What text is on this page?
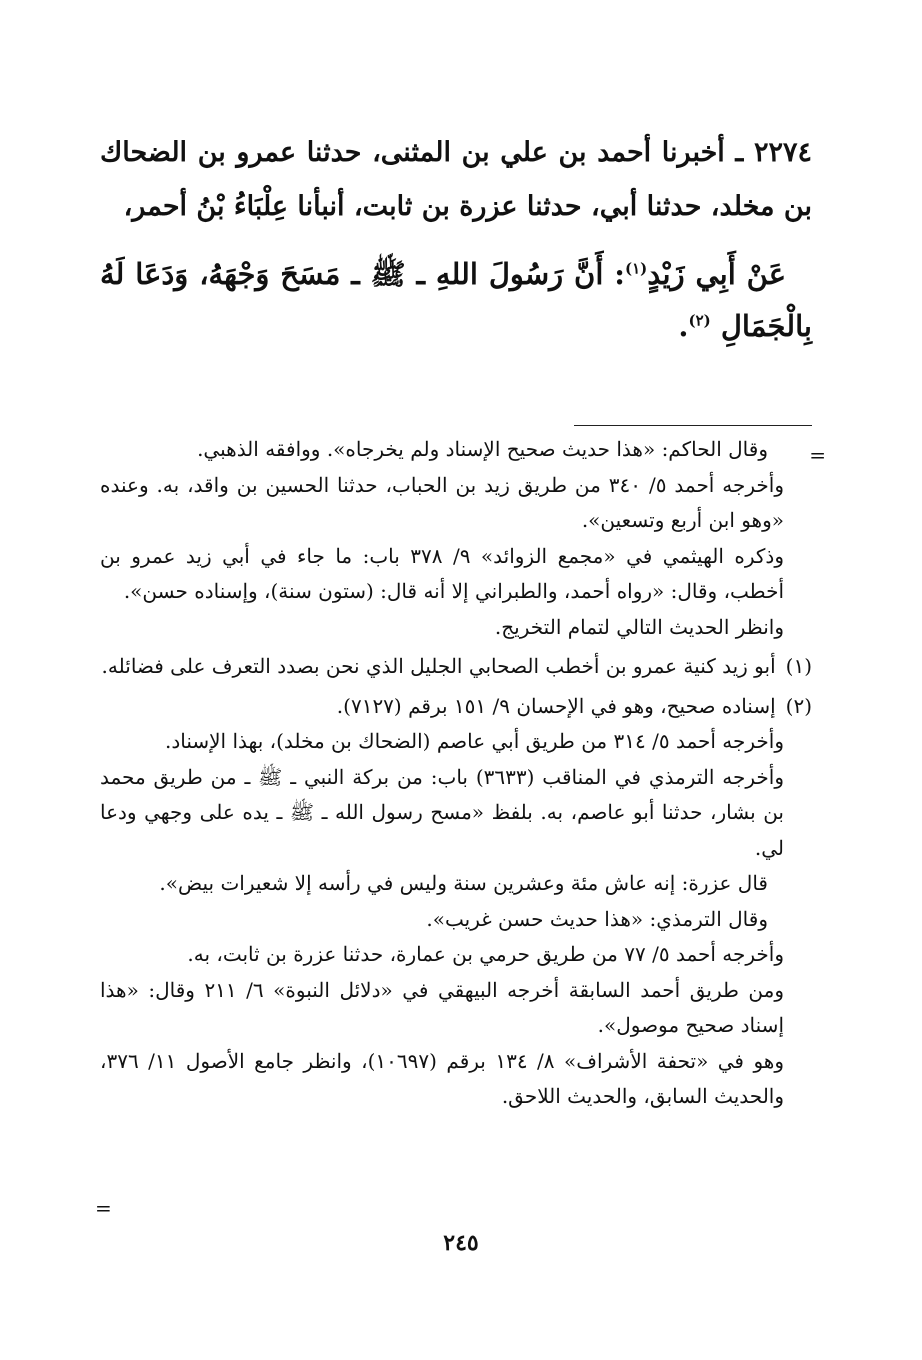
٢٢٧٤ ـ أخبرنا أحمد بن علي بن المثنى، حدثنا عمرو بن الضحاك بن مخلد، حدثنا أبي، حدثنا عزرة بن ثابت، أنبأنا عِلْبَاءُ بْنُ أحمر،

عَنْ أَبِي زَيْدٍ$^{(١)}$: أَنَّ رَسُولَ اللهِ ـ ﷺ ـ مَسَحَ وَجْهَهُ، وَدَعَا لَهُ بِالْجَمَالِ $^{(٢)}$.

=

وقال الحاكم: «هذا حديث صحيح الإسناد ولم يخرجاه». ووافقه الذهبي.

وأخرجه أحمد ٥/ ٣٤٠ من طريق زيد بن الحباب، حدثنا الحسين بن واقد، به. وعنده «وهو ابن أربع وتسعين».

وذكره الهيثمي في «مجمع الزوائد» ٩/ ٣٧٨ باب: ما جاء في أبي زيد عمرو بن أخطب، وقال: «رواه أحمد، والطبراني إلا أنه قال: (ستون سنة)، وإسناده حسن».

وانظر الحديث التالي لتمام التخريج.

(١) أبو زيد كنية عمرو بن أخطب الصحابي الجليل الذي نحن بصدد التعرف على فضائله.

(٢) إسناده صحيح، وهو في الإحسان ٩/ ١٥١ برقم (٧١٢٧).

وأخرجه أحمد ٥/ ٣١٤ من طريق أبي عاصم (الضحاك بن مخلد)، بهذا الإسناد.

وأخرجه الترمذي في المناقب (٣٦٣٣) باب: من بركة النبي ـ ﷺ ـ من طريق محمد بن بشار، حدثنا أبو عاصم، به. بلفظ «مسح رسول الله ـ ﷺ ـ يده على وجهي ودعا لي.

قال عزرة: إنه عاش مئة وعشرين سنة وليس في رأسه إلا شعيرات بيض».

وقال الترمذي: «هذا حديث حسن غريب».

وأخرجه أحمد ٥/ ٧٧ من طريق حرمي بن عمارة، حدثنا عزرة بن ثابت، به.

ومن طريق أحمد السابقة أخرجه البيهقي في «دلائل النبوة» ٦/ ٢١١ وقال: «هذا إسناد صحيح موصول».

وهو في «تحفة الأشراف» ٨/ ١٣٤ برقم (١٠٦٩٧)، وانظر جامع الأصول ١١/ ٣٧٦، والحديث السابق، والحديث اللاحق.

=
٢٤٥
